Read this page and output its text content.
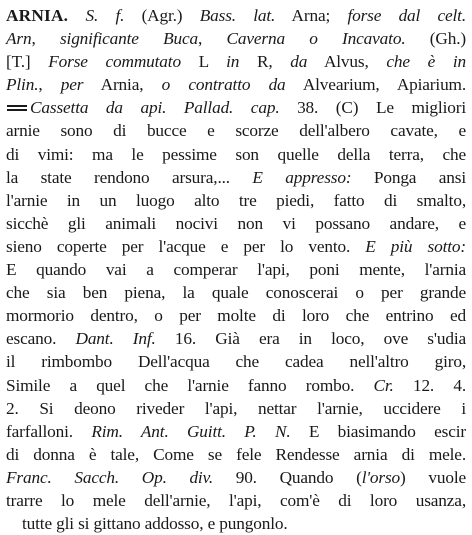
ARNIA. S. f. (Agr.) Bass. lat. Arna; forse dal celt.
Arn, significante Buca, Caverna o Incavato. (Gh.)
[T.] Forse commutato L in R, da Alvus, che è in
Plin., per Arnia, o contratto da Alvearium, Apiarium.
Cassetta da api. Pallad. cap. 38. (C) Le migliori
arnie sono di bucce e scorze dell'albero cavate, e
di vimi: ma le pessime son quelle della terra, che
la state rendono arsura,... E appresso: Ponga ansi
l'arnie in un luogo alto tre piedi, fatto di smalto,
sicchè gli animali nocivi non vi possano andare, e
sieno coperte per l'acque e per lo vento. E più sotto:
E quando vai a comperar l'api, poni mente, l'arnia
che sia ben piena, la quale conoscerai o per grande
mormorio dentro, o per molte di loro che entrino ed
escano. Dant. Inf. 16. Già era in loco, ove s'udia
il rimbombo Dell'acqua che cadea nell'altro giro,
Simile a quel che l'arnie fanno rombo. Cr. 12. 4.
2. Si deono riveder l'api, nettar l'arnie, uccidere i
farfalloni. Rim. Ant. Guitt. P. N. E biasimando escir
di donna è tale, Come se fele Rendesse arnia di mele.
Franc. Sacch. Op. div. 90. Quando (l'orso) vuole
trarre lo mele dell'arnie, l'api, com'è di loro usanza,
tutte gli si gittano addosso, e pungonlo.
